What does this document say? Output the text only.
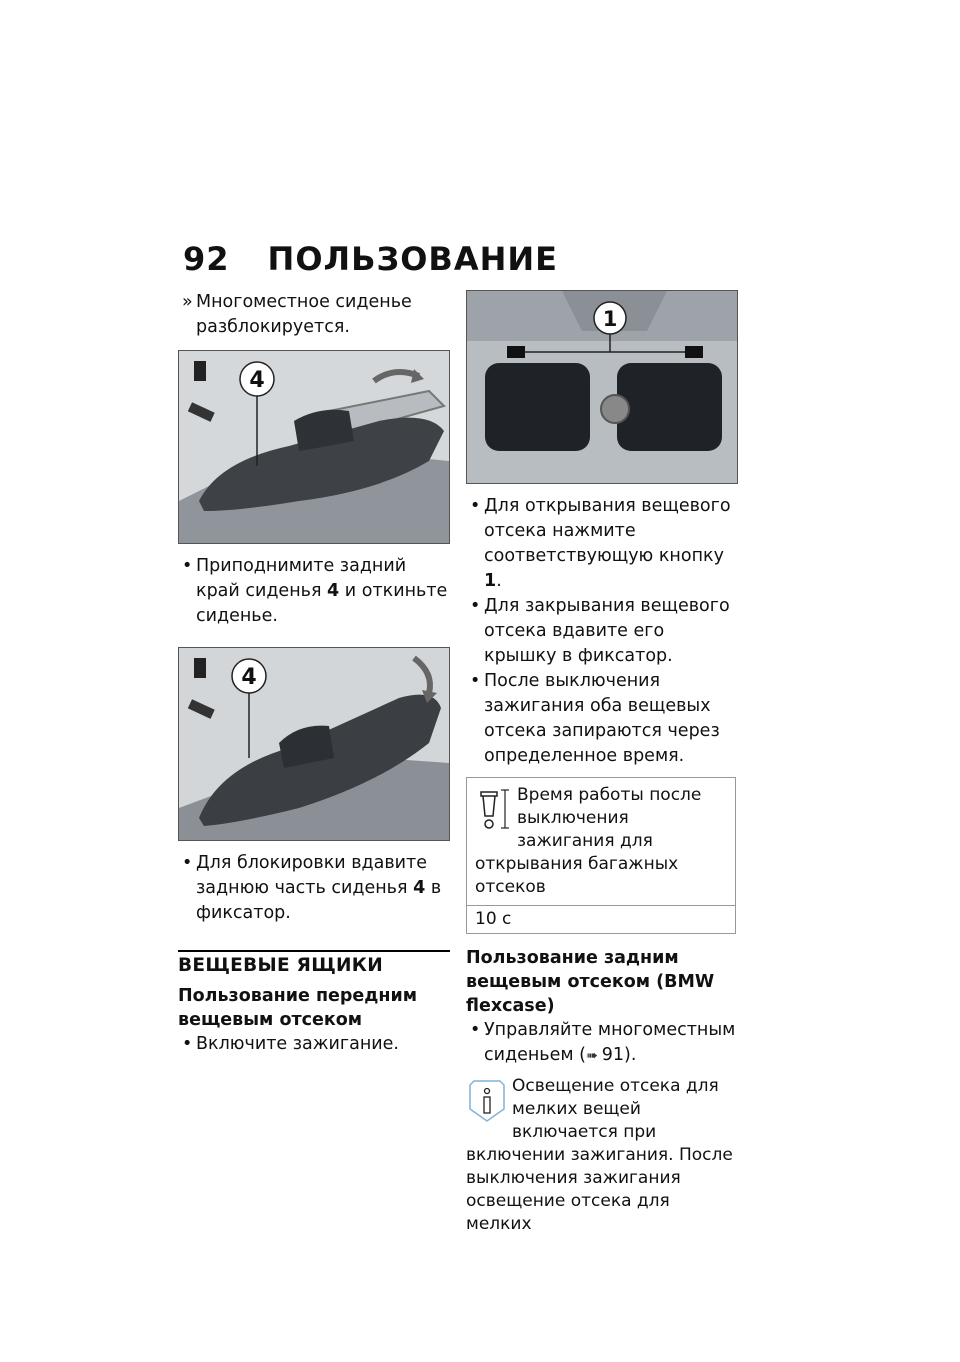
92 ПОЛЬЗОВАНИЕ

» Многоместное сиденье разблокируется.

4

• Приподнимите задний край сиденья 4 и откиньте сиденье.

4

• Для блокировки вдавите заднюю часть сиденья 4 в фиксатор.

ВЕЩЕВЫЕ ЯЩИКИ
Пользование передним вещевым отсеком

• Включите зажигание.

1

• Для открывания вещевого отсека нажмите соответствующую кнопку 1.

• Для закрывания вещевого отсека вдавите его крышку в фиксатор.

• После выключения зажигания оба вещевых отсека запираются через определенное время.

Время работы после выключения зажигания для открывания багажных отсеков
10 с
Пользование задним вещевым отсеком (BMW flexcase)

• Управляйте многоместным сиденьем (➠ 91).

Освещение отсека для мелких вещей включается при включении зажигания. После выключения зажигания освещение отсека для мелких
